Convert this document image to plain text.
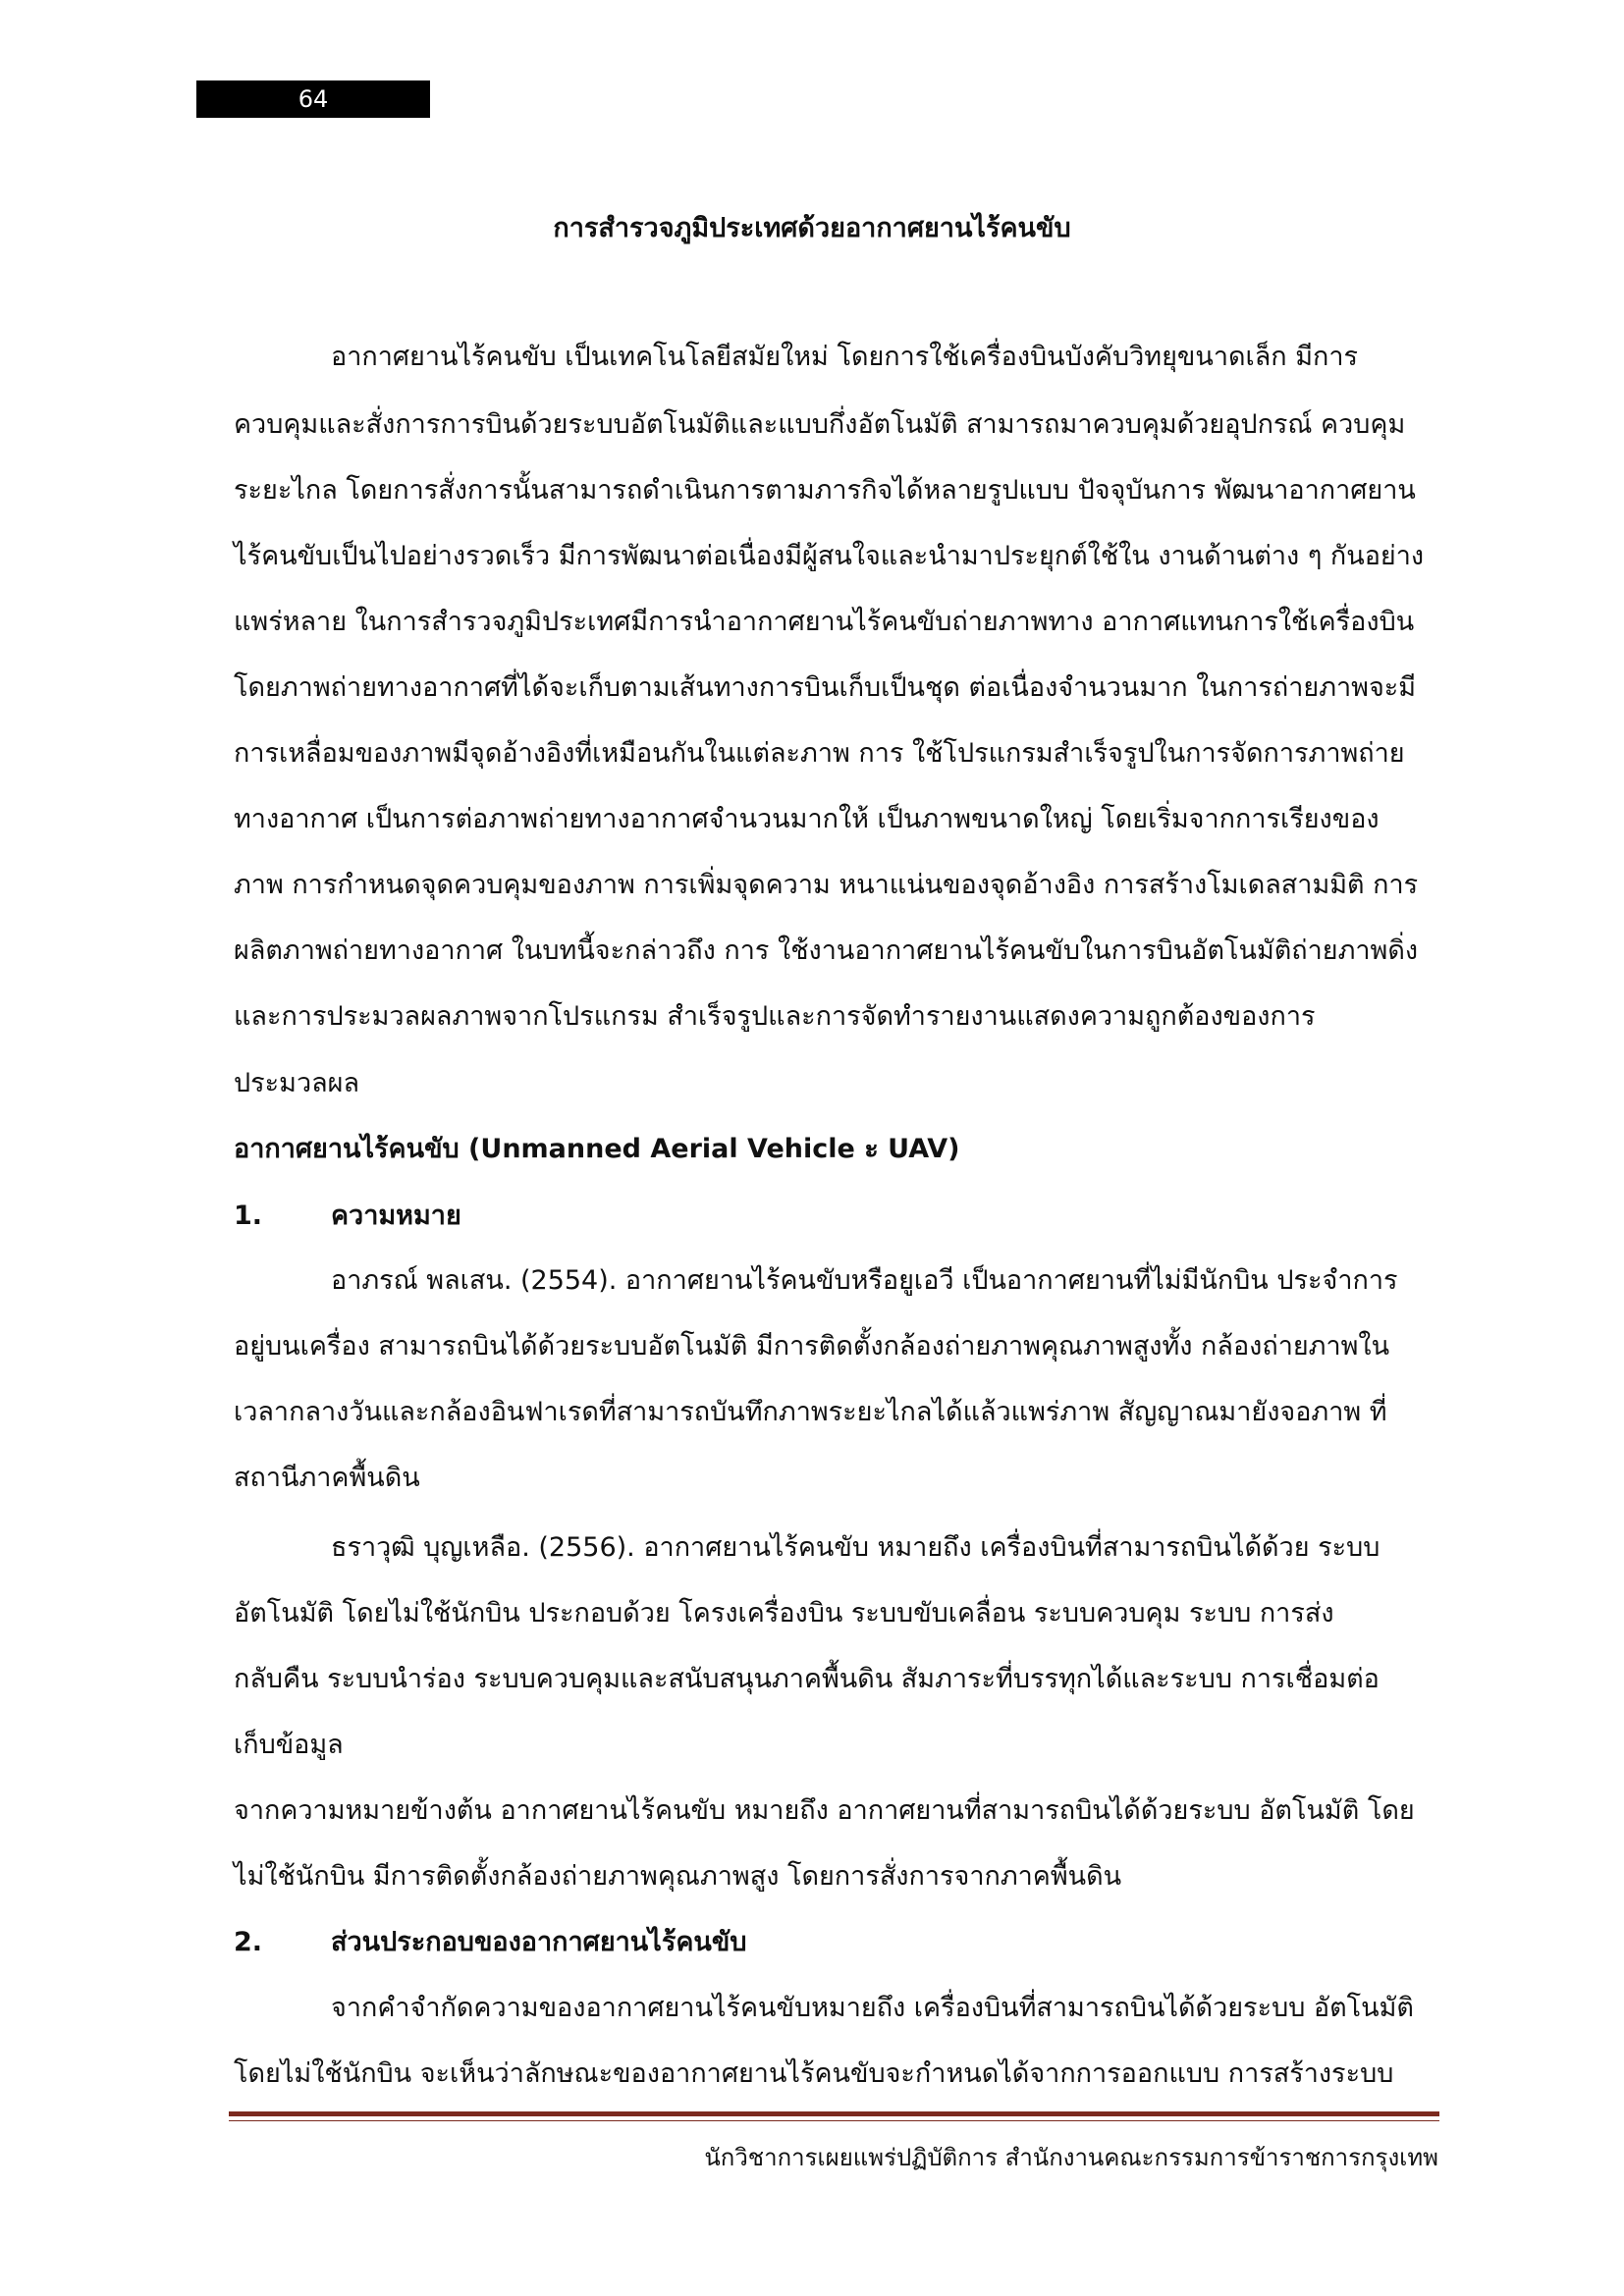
64
การสำรวจภูมิประเทศด้วยอากาศยานไร้คนขับ
อากาศยานไร้คนขับ เป็นเทคโนโลยีสมัยใหม่ โดยการใช้เครื่องบินบังคับวิทยุขนาดเล็ก มีการ
ควบคุมและสั่งการการบินด้วยระบบอัตโนมัติและแบบกึ่งอัตโนมัติ สามารถมาควบคุมด้วยอุปกรณ์ ควบคุม
ระยะไกล โดยการสั่งการนั้นสามารถดำเนินการตามภารกิจได้หลายรูปแบบ ปัจจุบันการ พัฒนาอากาศยาน
ไร้คนขับเป็นไปอย่างรวดเร็ว มีการพัฒนาต่อเนื่องมีผู้สนใจและนำมาประยุกต์ใช้ใน งานด้านต่าง ๆ กันอย่าง
แพร่หลาย ในการสำรวจภูมิประเทศมีการนำอากาศยานไร้คนขับถ่ายภาพทาง อากาศแทนการใช้เครื่องบิน
โดยภาพถ่ายทางอากาศที่ได้จะเก็บตามเส้นทางการบินเก็บเป็นชุด ต่อเนื่องจำนวนมาก ในการถ่ายภาพจะมี
การเหลื่อมของภาพมีจุดอ้างอิงที่เหมือนกันในแต่ละภาพ การ ใช้โปรแกรมสำเร็จรูปในการจัดการภาพถ่าย
ทางอากาศ เป็นการต่อภาพถ่ายทางอากาศจำนวนมากให้ เป็นภาพขนาดใหญ่ โดยเริ่มจากการเรียงของ
ภาพ การกำหนดจุดควบคุมของภาพ การเพิ่มจุดความ หนาแน่นของจุดอ้างอิง การสร้างโมเดลสามมิติ การ
ผลิตภาพถ่ายทางอากาศ ในบทนี้จะกล่าวถึง การ ใช้งานอากาศยานไร้คนขับในการบินอัตโนมัติถ่ายภาพดิ่ง
และการประมวลผลภาพจากโปรแกรม สำเร็จรูปและการจัดทำรายงานแสดงความถูกต้องของการ
ประมวลผล
อากาศยานไร้คนขับ (Unmanned Aerial Vehicle ะ UAV)
1.	ความหมาย
อาภรณ์ พลเสน. (2554). อากาศยานไร้คนขับหรือยูเอวี เป็นอากาศยานที่ไม่มีนักบิน ประจำการ
อยู่บนเครื่อง สามารถบินได้ด้วยระบบอัตโนมัติ มีการติดตั้งกล้องถ่ายภาพคุณภาพสูงทั้ง กล้องถ่ายภาพใน
เวลากลางวันและกล้องอินฟาเรดที่สามารถบันทึกภาพระยะไกลได้แล้วแพร่ภาพ สัญญาณมายังจอภาพ ที่
สถานีภาคพื้นดิน
ธราวุฒิ บุญเหลือ. (2556). อากาศยานไร้คนขับ หมายถึง เครื่องบินที่สามารถบินได้ด้วย ระบบ
อัตโนมัติ โดยไม่ใช้นักบิน ประกอบด้วย โครงเครื่องบิน ระบบขับเคลื่อน ระบบควบคุม ระบบ การส่ง
กลับคืน ระบบนำร่อง ระบบควบคุมและสนับสนุนภาคพื้นดิน สัมภาระที่บรรทุกได้และระบบ การเชื่อมต่อ
เก็บข้อมูล
จากความหมายข้างต้น อากาศยานไร้คนขับ หมายถึง อากาศยานที่สามารถบินได้ด้วยระบบ อัตโนมัติ โดย
ไม่ใช้นักบิน มีการติดตั้งกล้องถ่ายภาพคุณภาพสูง โดยการสั่งการจากภาคพื้นดิน
2.	ส่วนประกอบของอากาศยานไร้คนขับ
จากคำจำกัดความของอากาศยานไร้คนขับหมายถึง เครื่องบินที่สามารถบินได้ด้วยระบบ อัตโนมัติ
โดยไม่ใช้นักบิน จะเห็นว่าลักษณะของอากาศยานไร้คนขับจะกำหนดได้จากการออกแบบ การสร้างระบบ
นักวิชาการเผยแพร่ปฏิบัติการ สำนักงานคณะกรรมการข้าราชการกรุงเทพ
